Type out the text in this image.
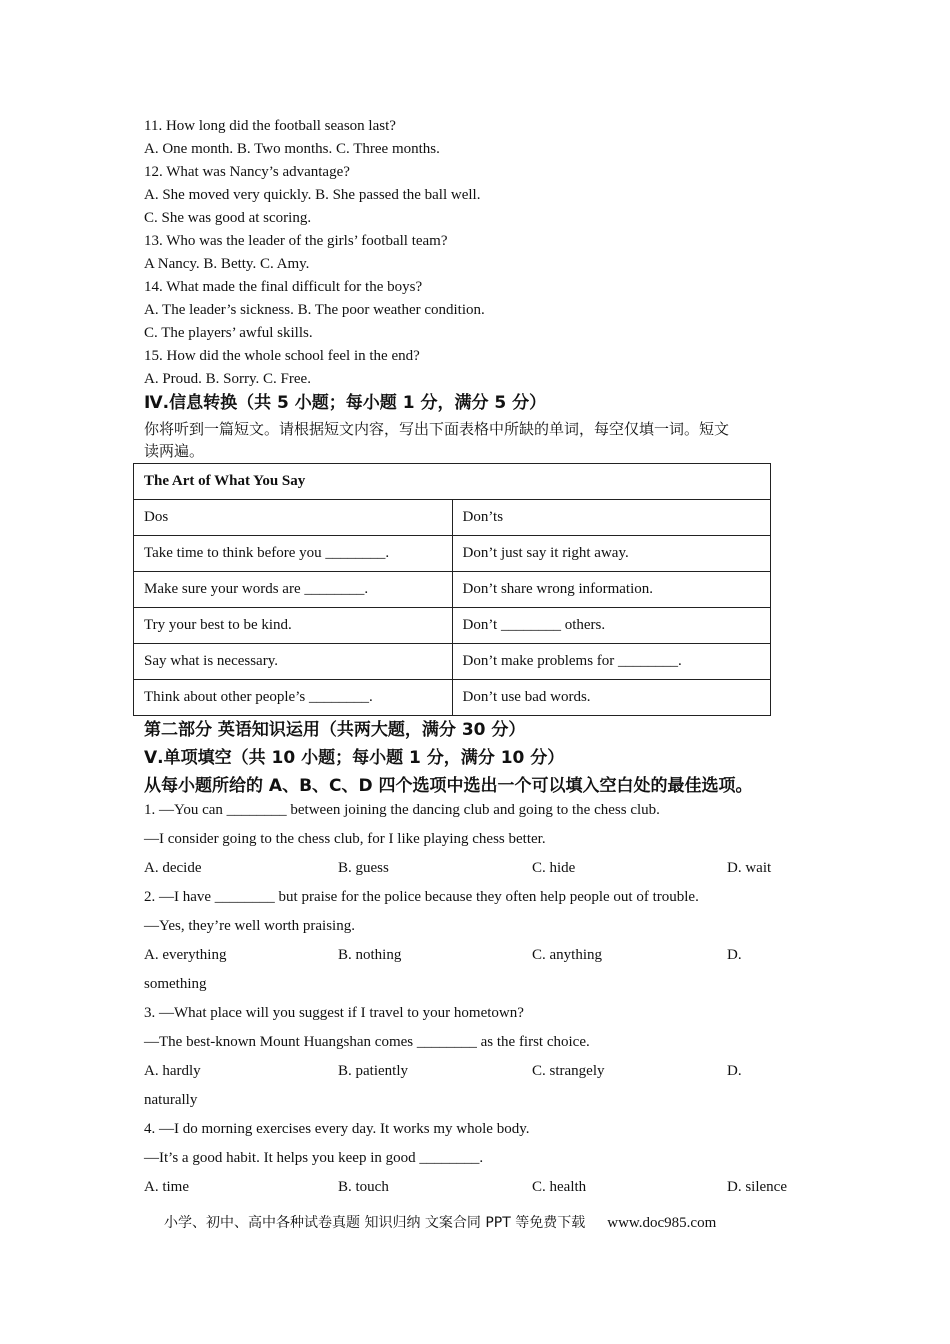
11. How long did the football season last?
A. One month. B. Two months. C. Three months.
12. What was Nancy’s advantage?
A. She moved very quickly. B. She passed the ball well.
C. She was good at scoring.
13. Who was the leader of the girls’ football team?
A Nancy. B. Betty. C. Amy.
14. What made the final difficult for the boys?
A. The leader’s sickness. B. The poor weather condition.
C. The players’ awful skills.
15. How did the whole school feel in the end?
A. Proud. B. Sorry. C. Free.
Ⅳ.信息转换（共 5 小题；每小题 1 分，满分 5 分）
你将听到一篇短文。请根据短文内容，写出下面表格中所缺的单词，每空仅填一词。短文
读两遍。
The Art of What You Say	
Dos	Don’ts
Take time to think before you ________.	Don’t just say it right away.
Make sure your words are ________.	Don’t share wrong information.
Try your best to be kind.	Don’t ________ others.
Say what is necessary.	Don’t make problems for ________.
Think about other people’s ________.	Don’t use bad words.
第二部分 英语知识运用（共两大题，满分 30 分）
Ⅴ.单项填空（共 10 小题；每小题 1 分，满分 10 分）
从每小题所给的 A、B、C、D 四个选项中选出一个可以填入空白处的最佳选项。
1. —You can ________ between joining the dancing club and going to the chess club.
—I consider going to the chess club, for I like playing chess better.
A. decide	B. guess	C. hide	D. wait
2. —I have ________ but praise for the police because they often help people out of trouble.
—Yes, they’re well worth praising.
A. everything	B. nothing	C. anything	D.
something
3. —What place will you suggest if I travel to your hometown?
—The best-known Mount Huangshan comes ________ as the first choice.
A. hardly	B. patiently	C. strangely	D.
naturally
4. —I do morning exercises every day. It works my whole body.
—It’s a good habit. It helps you keep in good ________.
A. time	B. touch	C. health	D. silence
小学、初中、高中各种试卷真题 知识归纳 文案合同 PPT 等免费下载 www.doc985.com
